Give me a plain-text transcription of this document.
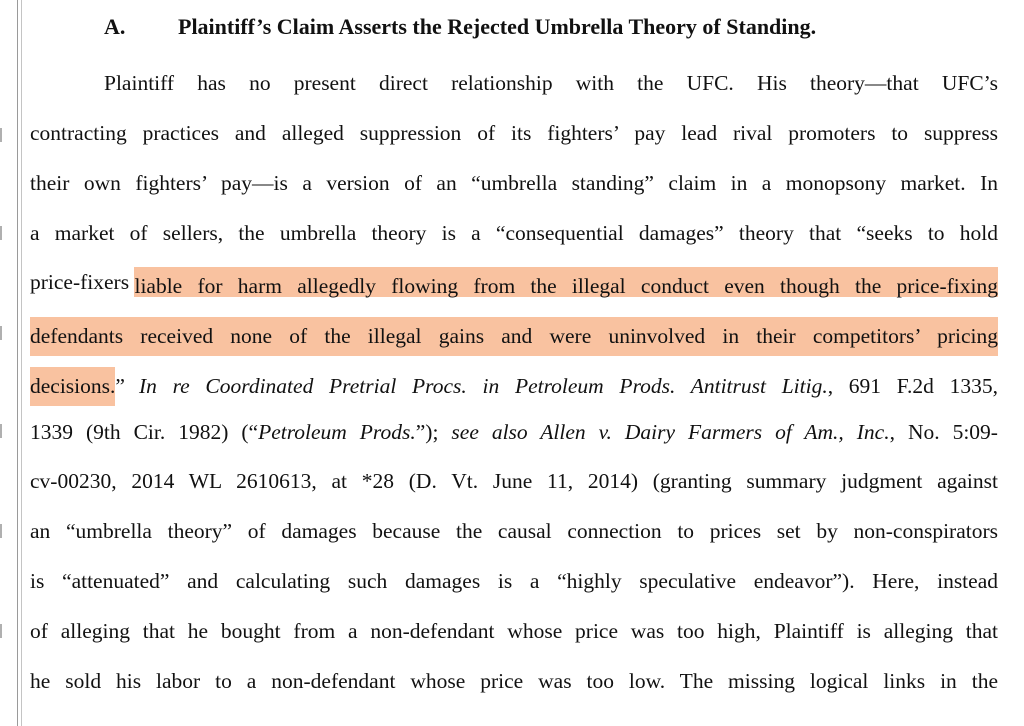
A. Plaintiff’s Claim Asserts the Rejected Umbrella Theory of Standing.
Plaintiff has no present direct relationship with the UFC. His theory—that UFC’s
contracting practices and alleged suppression of its fighters’ pay lead rival promoters to suppress
their own fighters’ pay—is a version of an “umbrella standing” claim in a monopsony market. In
a market of sellers, the umbrella theory is a “consequential damages” theory that “seeks to hold
price-fixers liable for harm allegedly flowing from the illegal conduct even though the price-fixing
defendants received none of the illegal gains and were uninvolved in their competitors’ pricing
decisions. ” In re Coordinated Pretrial Procs. in Petroleum Prods. Antitrust Litig., 691 F.2d 1335,
1339 (9th Cir. 1982) (“Petroleum Prods.”); see also Allen v. Dairy Farmers of Am., Inc., No. 5:09-
cv-00230, 2014 WL 2610613, at *28 (D. Vt. June 11, 2014) (granting summary judgment against
an “umbrella theory” of damages because the causal connection to prices set by non-conspirators
is “attenuated” and calculating such damages is a “highly speculative endeavor”). Here, instead
of alleging that he bought from a non-defendant whose price was too high, Plaintiff is alleging that
he sold his labor to a non-defendant whose price was too low. The missing logical links in the
